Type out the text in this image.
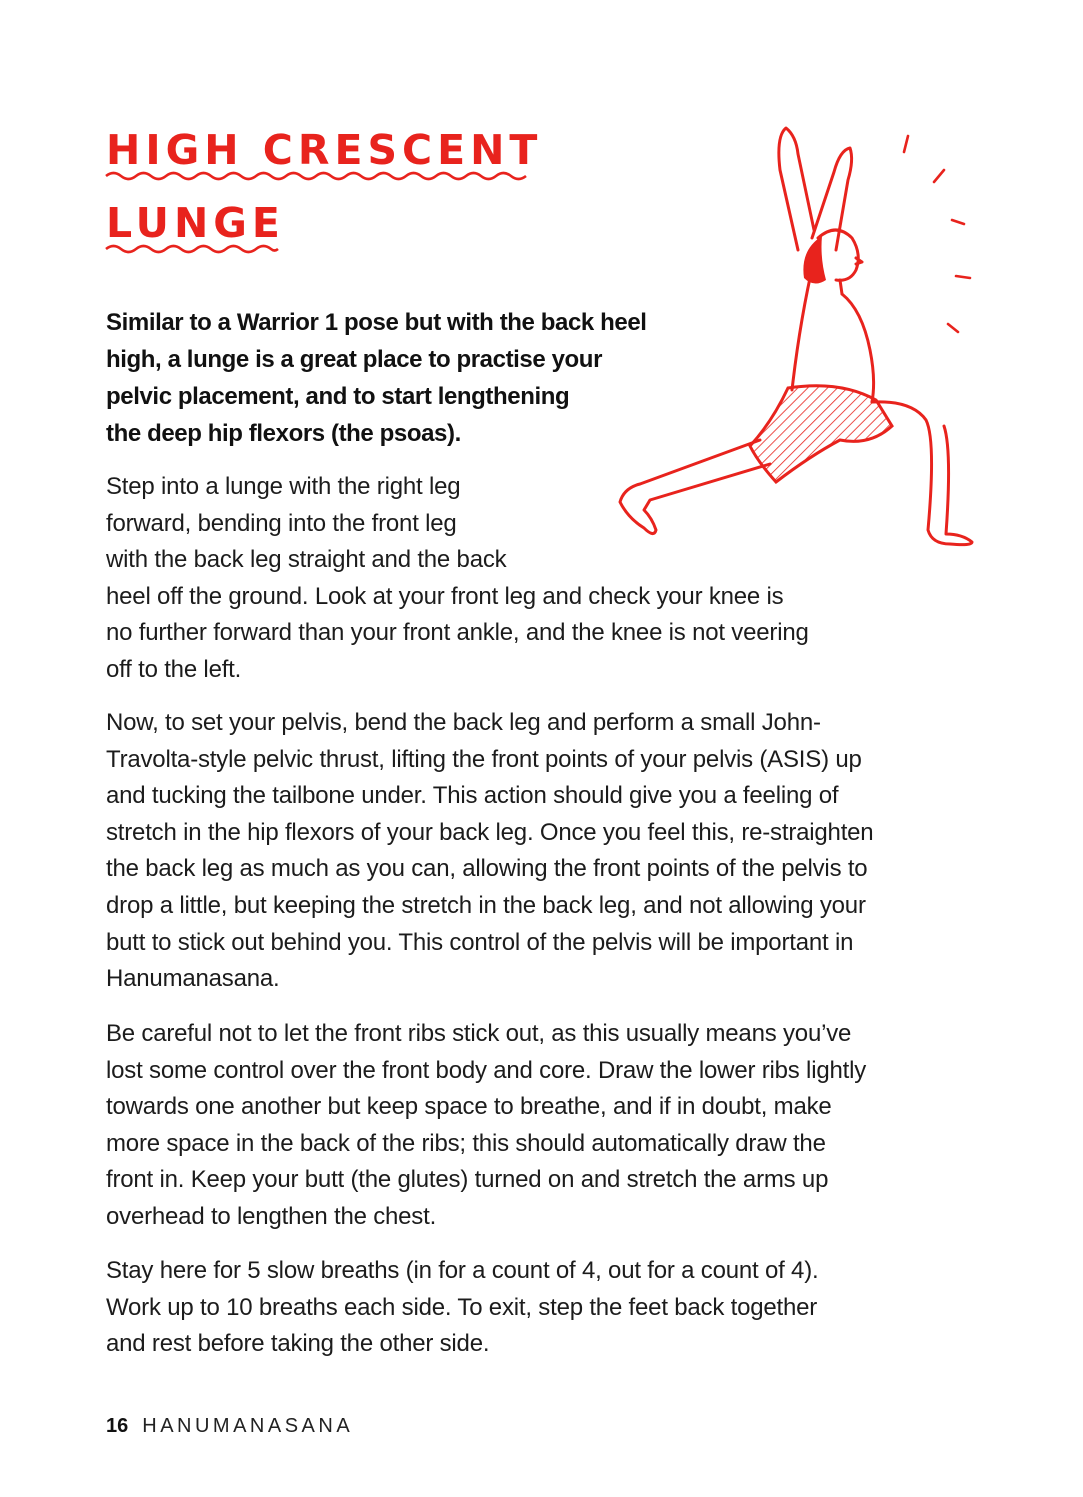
HIGH CRESCENT
LUNGE

Similar to a Warrior 1 pose but with the back heel
high, a lunge is a great place to practise your
pelvic placement, and to start lengthening
the deep hip flexors (the psoas).

Step into a lunge with the right leg
forward, bending into the front leg
with the back leg straight and the back
heel off the ground. Look at your front leg and check your knee is
no further forward than your front ankle, and the knee is not veering
off to the left.
Now, to set your pelvis, bend the back leg and perform a small John-
Travolta-style pelvic thrust, lifting the front points of your pelvis (ASIS) up
and tucking the tailbone under. This action should give you a feeling of
stretch in the hip flexors of your back leg. Once you feel this, re-straighten
the back leg as much as you can, allowing the front points of the pelvis to
drop a little, but keeping the stretch in the back leg, and not allowing your
butt to stick out behind you. This control of the pelvis will be important in
Hanumanasana.
Be careful not to let the front ribs stick out, as this usually means you’ve
lost some control over the front body and core. Draw the lower ribs lightly
towards one another but keep space to breathe, and if in doubt, make
more space in the back of the ribs; this should automatically draw the
front in. Keep your butt (the glutes) turned on and stretch the arms up
overhead to lengthen the chest.
Stay here for 5 slow breaths (in for a count of 4, out for a count of 4).
Work up to 10 breaths each side. To exit, step the feet back together
and rest before taking the other side.

16 HANUMANASANA
